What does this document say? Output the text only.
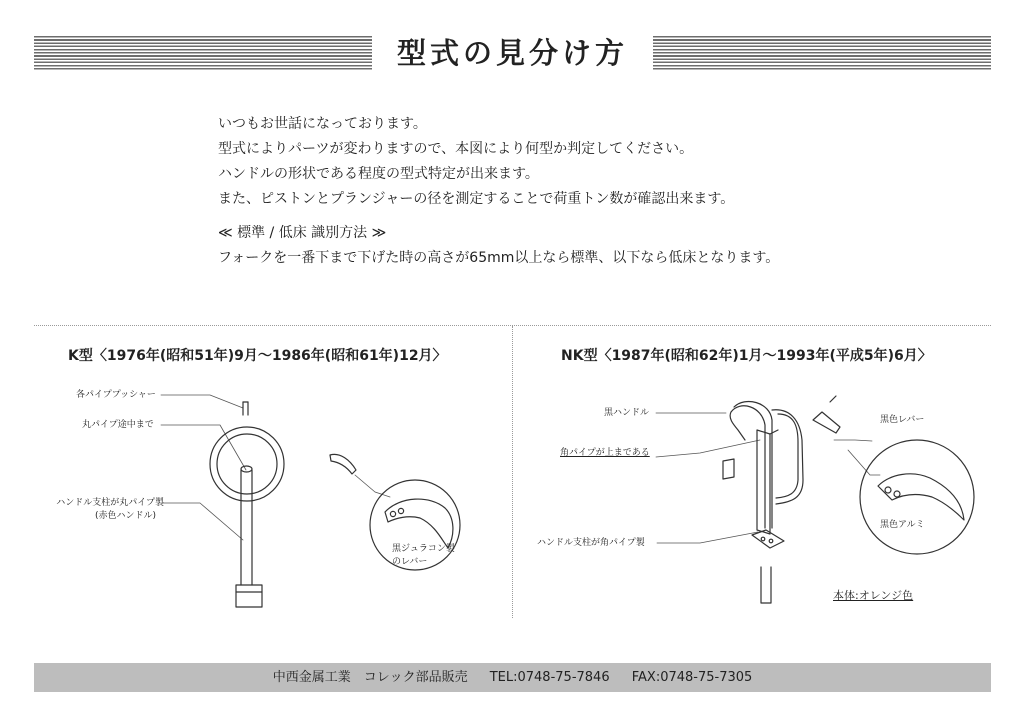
型式の見分け方

いつもお世話になっております。

型式によりパーツが変わりますので、本図により何型か判定してください。

ハンドルの形状である程度の型式特定が出来ます。

また、ピストンとプランジャーの径を測定することで荷重トン数が確認出来ます。

≪ 標準 / 低床 識別方法 ≫

フォークを一番下まで下げた時の高さが65mm以上なら標準、以下なら低床となります。

K型〈1976年(昭和51年)9月～1986年(昭和61年)12月〉	NK型〈1987年(昭和62年)1月～1993年(平成5年)6月〉
各パイププッシャー
丸パイプ途中まで
ハンドル支柱が丸パイプ製
(赤色ハンドル)
黒ジュラコン製
のレバー
黒ハンドル
角パイプが上まである
ハンドル支柱が角パイプ製
黒色レバー
黒色アルミ
本体:オレンジ色
中西金属工業　コレック部品販売 TEL:0748-75-7846 FAX:0748-75-7305
